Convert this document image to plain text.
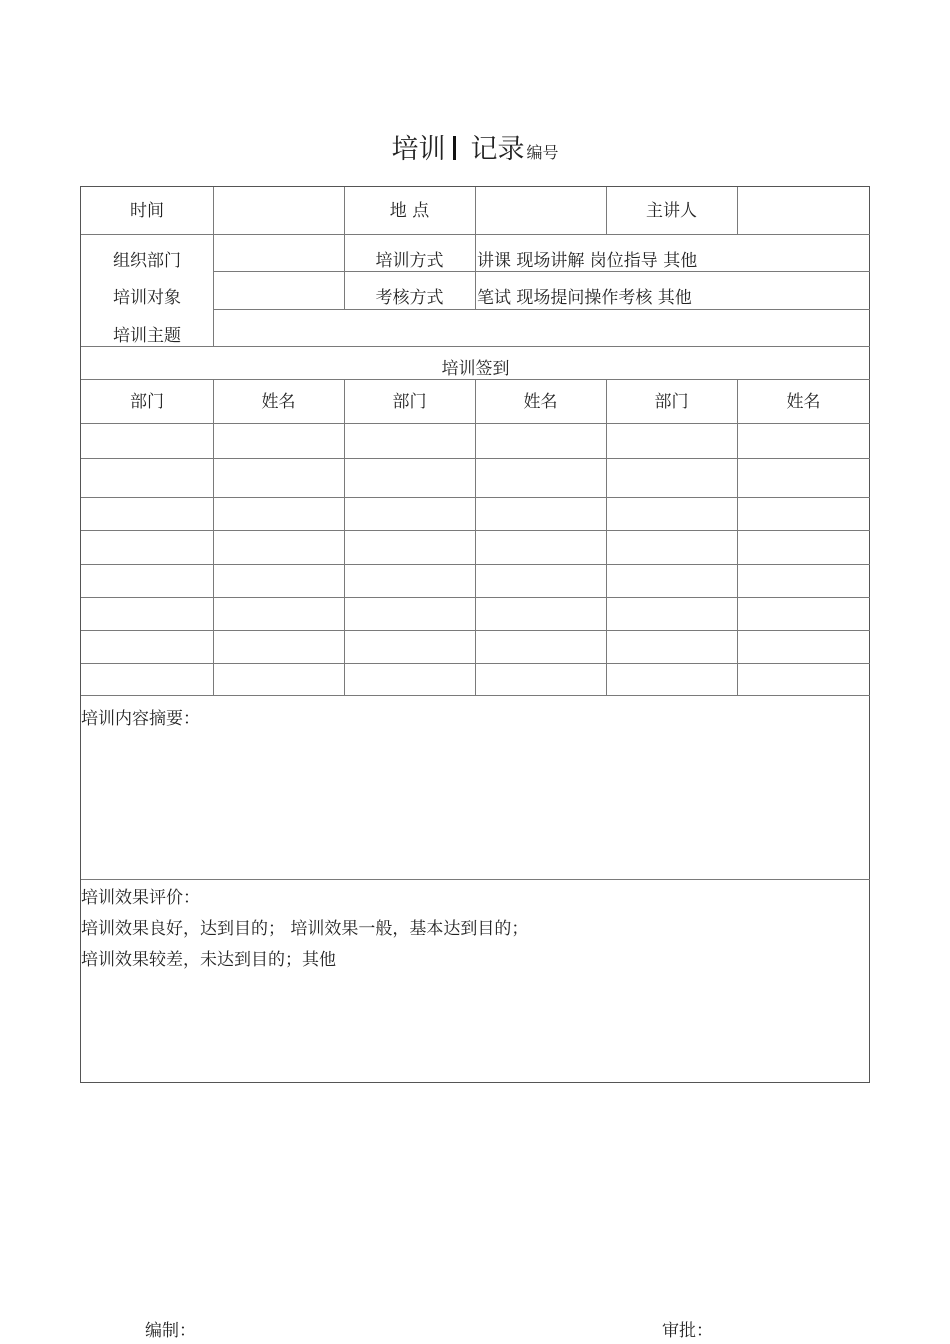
培训 记录 编号
时间	地 点	主讲人
组织部门	培训方式	讲课 现场讲解 岗位指导 其他
培训对象	考核方式	笔试 现场提问操作考核 其他
培训主题
培训签到
部门	姓名	部门	姓名	部门	姓名
培训内容摘要：
培训效果评价：
培训效果良好，达到目的； 培训效果一般，基本达到目的；
培训效果较差，未达到目的；其他
编制：	审批：
